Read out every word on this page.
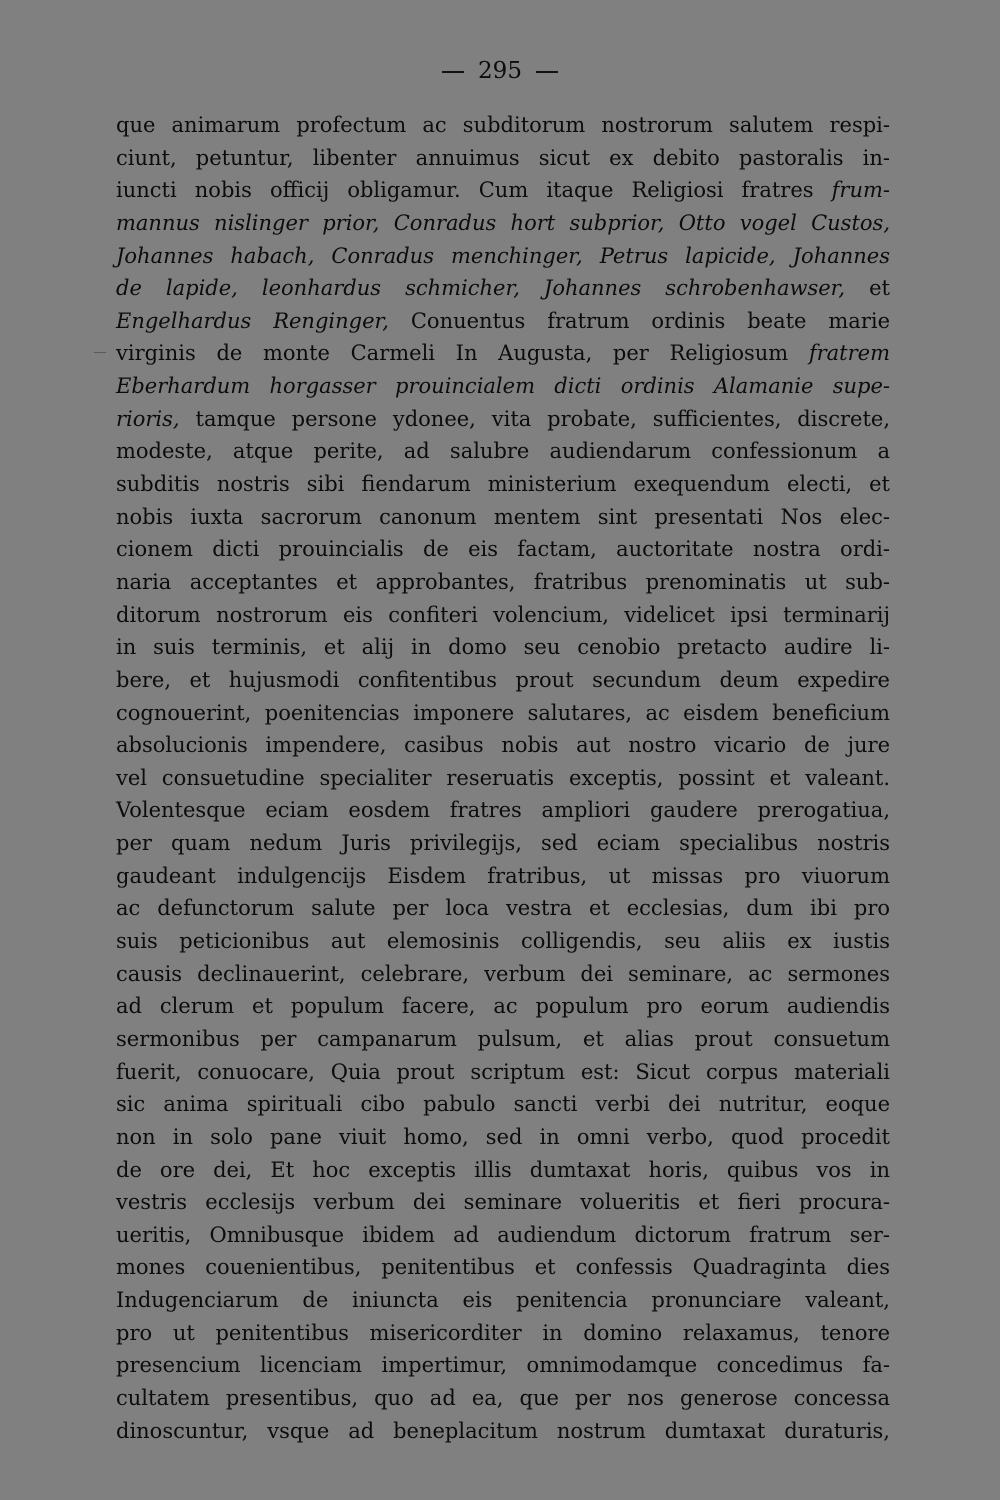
295
que animarum profectum ac subditorum nostrorum salutem respi-
ciunt, petuntur, libenter annuimus sicut ex debito pastoralis in-
iuncti nobis officij obligamur. Cum itaque Religiosi fratres frum-
mannus nislinger prior, Conradus hort subprior, Otto vogel Custos,
Johannes habach, Conradus menchinger, Petrus lapicide, Johannes
de lapide, leonhardus schmicher, Johannes schrobenhawser, et
Engelhardus Renginger, Conuentus fratrum ordinis beate marie
virginis de monte Carmeli In Augusta, per Religiosum fratrem
Eberhardum horgasser prouincialem dicti ordinis Alamanie supe-
rioris, tamque persone ydonee, vita probate, sufficientes, discrete,
modeste, atque perite, ad salubre audiendarum confessionum a
subditis nostris sibi fiendarum ministerium exequendum electi, et
nobis iuxta sacrorum canonum mentem sint presentati Nos elec-
cionem dicti prouincialis de eis factam, auctoritate nostra ordi-
naria acceptantes et approbantes, fratribus prenominatis ut sub-
ditorum nostrorum eis confiteri volencium, videlicet ipsi terminarij
in suis terminis, et alij in domo seu cenobio pretacto audire li-
bere, et hujusmodi confitentibus prout secundum deum expedire
cognouerint, poenitencias imponere salutares, ac eisdem beneficium
absolucionis impendere, casibus nobis aut nostro vicario de jure
vel consuetudine specialiter reseruatis exceptis, possint et valeant.
Volentesque eciam eosdem fratres ampliori gaudere prerogatiua,
per quam nedum Juris privilegijs, sed eciam specialibus nostris
gaudeant indulgencijs Eisdem fratribus, ut missas pro viuorum
ac defunctorum salute per loca vestra et ecclesias, dum ibi pro
suis peticionibus aut elemosinis colligendis, seu aliis ex iustis
causis declinauerint, celebrare, verbum dei seminare, ac sermones
ad clerum et populum facere, ac populum pro eorum audiendis
sermonibus per campanarum pulsum, et alias prout consuetum
fuerit, conuocare, Quia prout scriptum est: Sicut corpus materiali
sic anima spirituali cibo pabulo sancti verbi dei nutritur, eoque
non in solo pane viuit homo, sed in omni verbo, quod procedit
de ore dei, Et hoc exceptis illis dumtaxat horis, quibus vos in
vestris ecclesijs verbum dei seminare volueritis et fieri procura-
ueritis, Omnibusque ibidem ad audiendum dictorum fratrum ser-
mones couenientibus, penitentibus et confessis Quadraginta dies
Indugenciarum de iniuncta eis penitencia pronunciare valeant,
pro ut penitentibus misericorditer in domino relaxamus, tenore
presencium licenciam impertimur, omnimodamque concedimus fa-
cultatem presentibus, quo ad ea, que per nos generose concessa
dinoscuntur, vsque ad beneplacitum nostrum dumtaxat duraturis,
